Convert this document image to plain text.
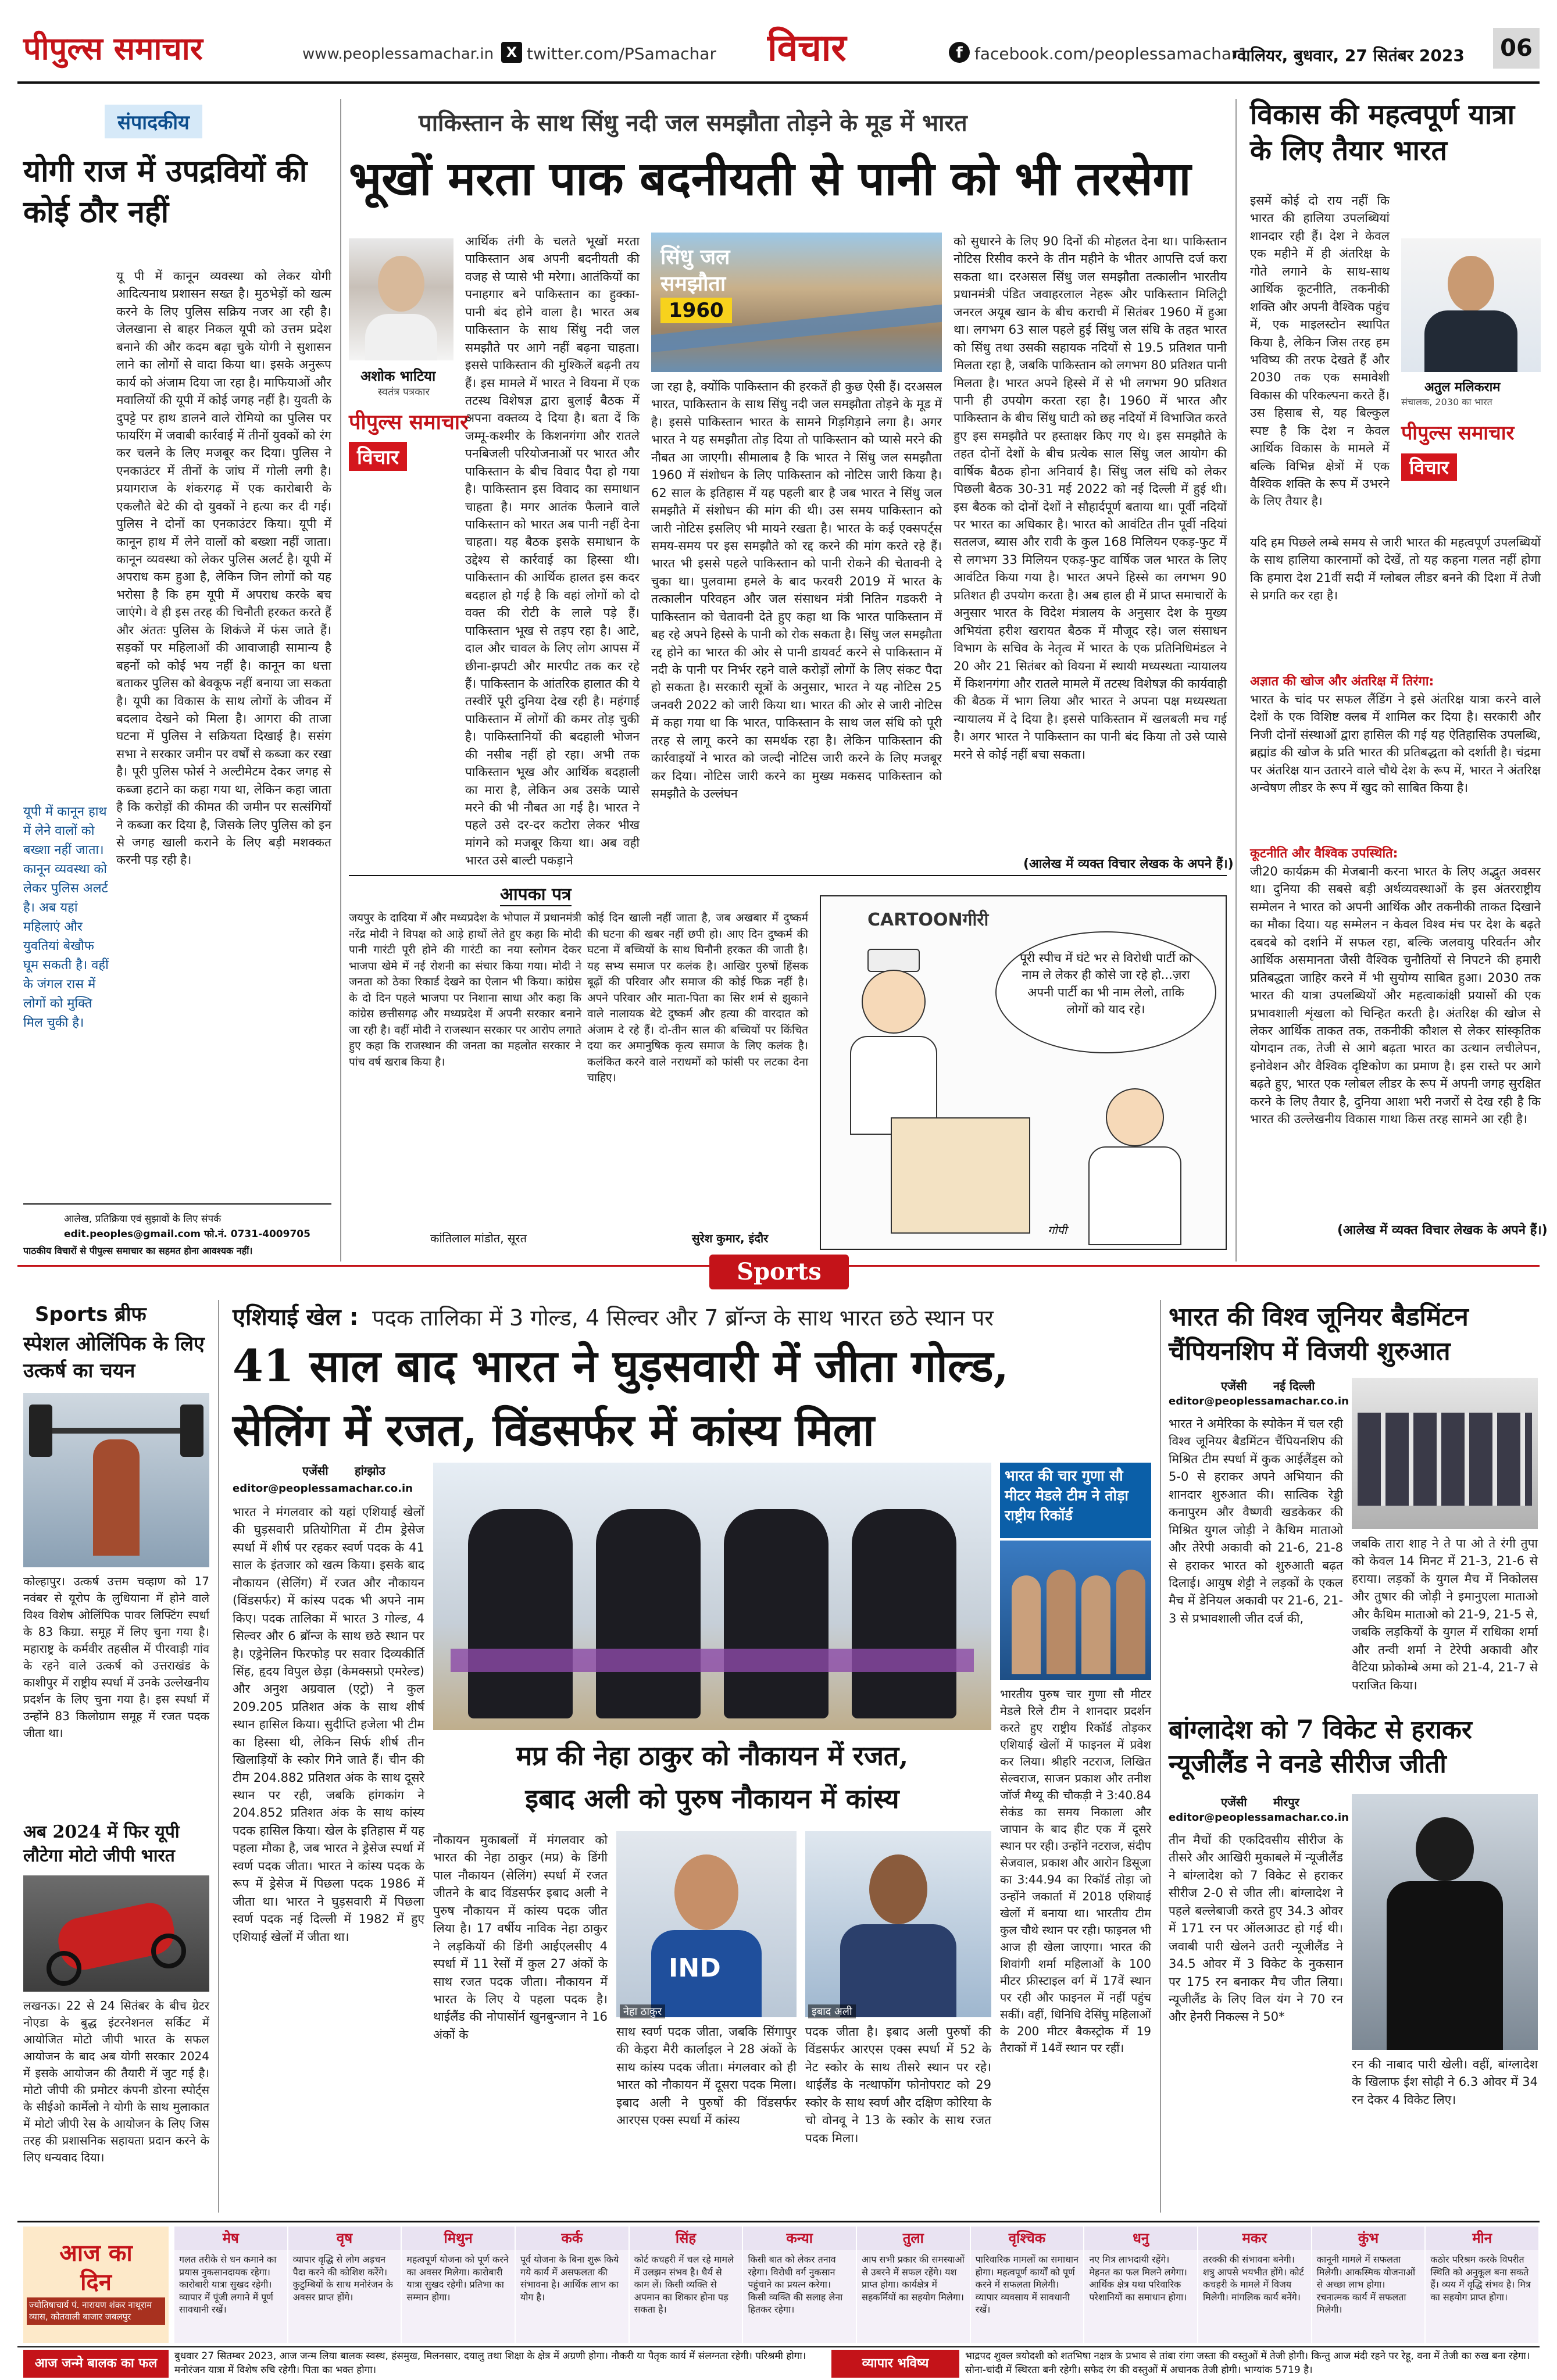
पीपुल्स समाचार	www.peoplessamachar.in X twitter.com/PSamachar विचार	f facebook.com/peoplessamachar1
ग्वालियर, बुधवार, 27 सितंबर 2023	06
संपादकीय
योगी राज में उपद्रवियों की कोई ठौर नहीं
यू पी में कानून व्यवस्था को लेकर योगी आदित्यनाथ प्रशासन सख्त है। मुठभेड़ों को खत्म करने के लिए पुलिस सक्रिय नजर आ रही है। जेलखाना से बाहर निकल यूपी को उत्तम प्रदेश बनाने की और कदम बढ़ा चुके योगी ने सुशासन लाने का लोगों से वादा किया था। इसके अनुरूप कार्य को अंजाम दिया जा रहा है। माफियाओं और मवालियों की यूपी में कोई जगह नहीं है। युवती के दुपट्टे पर हाथ डालने वाले रोमियो का पुलिस पर फायरिंग में जवाबी कार्रवाई में तीनों युवकों को रंग कर चलने के लिए मजबूर कर दिया। पुलिस ने एनकाउंटर में तीनों के जांघ में गोली लगी है। प्रयागराज के शंकरगढ़ में एक कारोबारी के एकलौते बेटे की दो युवकों ने हत्या कर दी गई। पुलिस ने दोनों का एनकाउंटर किया। यूपी में कानून हाथ में लेने वालों को बख्शा नहीं जाता। कानून व्यवस्था को लेकर पुलिस अलर्ट है। यूपी में अपराध कम हुआ है, लेकिन जिन लोगों को यह भरोसा है कि हम यूपी में अपराध करके बच जाएंगे। वे ही इस तरह की चिनौती हरकत करते हैं और अंततः पुलिस के शिकंजे में फंस जाते हैं। सड़कों पर महिलाओं की आवाजाही सामान्य है बहनों को कोई भय नहीं है। कानून का धत्ता बताकर पुलिस को बेवकूफ नहीं बनाया जा सकता है। यूपी का विकास के साथ लोगों के जीवन में बदलाव देखने को मिला है। आगरा की ताजा घटना में पुलिस ने सक्रियता दिखाई है। ससंग सभा ने सरकार जमीन पर वर्षों से कब्जा कर रखा है। पूरी पुलिस फोर्स ने अल्टीमेटम देकर जगह से कब्जा हटाने का कहा गया था, लेकिन कहा जाता है कि करोड़ों की कीमत की जमीन पर सत्संगियों ने कब्जा कर दिया है, जिसके लिए पुलिस को इन से जगह खाली कराने के लिए बड़ी मशक्कत करनी पड़ रही है।
यूपी में कानून हाथ में लेने वालों को बख्शा नहीं जाता। कानून व्यवस्था को लेकर पुलिस अलर्ट है। अब यहां महिलाएं और युवतियां बेखौफ घूम सकती है। वहीं के जंगल रास में लोगों को मुक्ति मिल चुकी है।
आलेख, प्रतिक्रिया एवं सुझावों के लिए संपर्क
edit.peoples@gmail.com फो.नं. 0731-4009705
पाठकीय विचारों से पीपुल्स समाचार का सहमत होना आवश्यक नहीं।
पाकिस्तान के साथ सिंधु नदी जल समझौता तोड़ने के मूड में भारत
भूखों मरता पाक बदनीयती से पानी को भी तरसेगा
अशोक भाटिया
स्वतंत्र पत्रकार
पीपुल्स समाचार
विचार
आर्थिक तंगी के चलते भूखों मरता पाकिस्तान अब अपनी बदनीयती की वजह से प्यासे भी मरेगा। आतंकियों का पनाहगार बने पाकिस्तान का हुक्का-पानी बंद होने वाला है। भारत अब पाकिस्तान के साथ सिंधु नदी जल समझौते पर आगे नहीं बढ़ना चाहता। इससे पाकिस्तान की मुश्किलें बढ़नी तय हैं। इस मामले में भारत ने वियना में एक तटस्थ विशेषज्ञ द्वारा बुलाई बैठक में अपना वक्तव्य दे दिया है। बता दें कि जम्मू-कश्मीर के किशनगंगा और रातले पनबिजली परियोजनाओं पर भारत और पाकिस्तान के बीच विवाद पैदा हो गया है। पाकिस्तान इस विवाद का समाधान चाहता है। मगर आतंक फैलाने वाले पाकिस्तान को भारत अब पानी नहीं देना चाहता। यह बैठक इसके समाधान के उद्देश्य से कार्रवाई का हिस्सा थी। पाकिस्तान की आर्थिक हालत इस कदर बदहाल हो गई है कि वहां लोगों को दो वक्त की रोटी के लाले पड़े हैं। पाकिस्तान भूख से तड़प रहा है। आटे, दाल और चावल के लिए लोग आपस में छीना-झपटी और मारपीट तक कर रहे हैं। पाकिस्तान के आंतरिक हालात की ये तस्वीरें पूरी दुनिया देख रही है। महंगाई पाकिस्तान में लोगों की कमर तोड़ चुकी है। पाकिस्तानियों की बदहाली भोजन की नसीब नहीं हो रहा। अभी तक पाकिस्तान भूख और आर्थिक बदहाली का मारा है, लेकिन अब उसके प्यासे मरने की भी नौबत आ गई है। भारत ने पहले उसे दर-दर कटोरा लेकर भीख मांगने को मजबूर किया था। अब वही भारत उसे बाल्टी पकड़ाने
सिंधु जल
समझौता
1960
जा रहा है, क्योंकि पाकिस्तान की हरकतें ही कुछ ऐसी हैं। दरअसल भारत, पाकिस्तान के साथ सिंधु नदी जल समझौता तोड़ने के मूड में है। इससे पाकिस्तान भारत के सामने गिड़गिड़ाने लगा है। अगर भारत ने यह समझौता तोड़ दिया तो पाकिस्तान को प्यासे मरने की नौबत आ जाएगी। सीमालाब है कि भारत ने सिंधु जल समझौता 1960 में संशोधन के लिए पाकिस्तान को नोटिस जारी किया है। 62 साल के इतिहास में यह पहली बार है जब भारत ने सिंधु जल समझौते में संशोधन की मांग की थी। उस समय पाकिस्तान को जारी नोटिस इसलिए भी मायने रखता है। भारत के कई एक्सपर्ट्स समय-समय पर इस समझौते को रद्द करने की मांग करते रहे हैं। भारत भी इससे पहले पाकिस्तान को पानी रोकने की चेतावनी दे चुका था। पुलवामा हमले के बाद फरवरी 2019 में भारत के तत्कालीन परिवहन और जल संसाधन मंत्री नितिन गडकरी ने पाकिस्तान को चेतावनी देते हुए कहा था कि भारत पाकिस्तान में बह रहे अपने हिस्से के पानी को रोक सकता है। सिंधु जल समझौता रद्द होने का भारत की ओर से पानी डायवर्ट करने से पाकिस्तान में नदी के पानी पर निर्भर रहने वाले करोड़ों लोगों के लिए संकट पैदा हो सकता है। सरकारी सूत्रों के अनुसार, भारत ने यह नोटिस 25 जनवरी 2022 को जारी किया था। भारत की ओर से जारी नोटिस में कहा गया था कि भारत, पाकिस्तान के साथ जल संधि को पूरी तरह से लागू करने का समर्थक रहा है। लेकिन पाकिस्तान की कार्रवाइयों ने भारत को जल्दी नोटिस जारी करने के लिए मजबूर कर दिया। नोटिस जारी करने का मुख्य मकसद पाकिस्तान को समझौते के उल्लंघन
को सुधारने के लिए 90 दिनों की मोहलत देना था। पाकिस्तान नोटिस रिसीव करने के तीन महीने के भीतर आपत्ति दर्ज करा सकता था। दरअसल सिंधु जल समझौता तत्कालीन भारतीय प्रधानमंत्री पंडित जवाहरलाल नेहरू और पाकिस्तान मिलिट्री जनरल अयूब खान के बीच कराची में सितंबर 1960 में हुआ था। लगभग 63 साल पहले हुई सिंधु जल संधि के तहत भारत को सिंधु तथा उसकी सहायक नदियों से 19.5 प्रतिशत पानी मिलता रहा है, जबकि पाकिस्तान को लगभग 80 प्रतिशत पानी मिलता है। भारत अपने हिस्से में से भी लगभग 90 प्रतिशत पानी ही उपयोग करता रहा है। 1960 में भारत और पाकिस्तान के बीच सिंधु घाटी को छह नदियों में विभाजित करते हुए इस समझौते पर हस्ताक्षर किए गए थे। इस समझौते के तहत दोनों देशों के बीच प्रत्येक साल सिंधु जल आयोग की वार्षिक बैठक होना अनिवार्य है। सिंधु जल संधि को लेकर पिछली बैठक 30-31 मई 2022 को नई दिल्ली में हुई थी। इस बैठक को दोनों देशों ने सौहार्दपूर्ण बताया था। पूर्वी नदियों पर भारत का अधिकार है। भारत को आवंटित तीन पूर्वी नदियां सतलज, ब्यास और रावी के कुल 168 मिलियन एकड़-फुट में से लगभग 33 मिलियन एकड़-फुट वार्षिक जल भारत के लिए आवंटित किया गया है। भारत अपने हिस्से का लगभग 90 प्रतिशत ही उपयोग करता है। अब हाल ही में प्राप्त समाचारों के अनुसार भारत के विदेश मंत्रालय के अनुसार देश के मुख्य अभियंता हरीश खरायत बैठक में मौजूद रहे। जल संसाधन विभाग के सचिव के नेतृत्व में भारत के एक प्रतिनिधिमंडल ने 20 और 21 सितंबर को वियना में स्थायी मध्यस्थता न्यायालय में किशनगंगा और रातले मामले में तटस्थ विशेषज्ञ की कार्यवाही की बैठक में भाग लिया और भारत ने अपना पक्ष मध्यस्थता न्यायालय में दे दिया है। इससे पाकिस्तान में खलबली मच गई है। अगर भारत ने पाकिस्तान का पानी बंद किया तो उसे प्यासे मरने से कोई नहीं बचा सकता।
(आलेख में व्यक्त विचार लेखक के अपने हैं।)
आपका पत्र
जयपुर के दादिया में और मध्यप्रदेश के भोपाल में प्रधानमंत्री नरेंद्र मोदी ने विपक्ष को आड़े हाथों लेते हुए कहा कि मोदी पानी गारंटी पूरी होने की गारंटी का नया स्लोगन देकर भाजपा खेमे में नई रोशनी का संचार किया गया। मोदी ने जनता को ठेका रिकार्ड देखने का ऐलान भी किया। कांग्रेस के दो दिन पहले भाजपा पर निशाना साधा और कहा कि कांग्रेस छत्तीसगढ़ और मध्यप्रदेश में अपनी सरकार बनाने जा रही है। वहीं मोदी ने राजस्थान सरकार पर आरोप लगाते हुए कहा कि राजस्थान की जनता का महलोत सरकार ने पांच वर्ष खराब किया है।
कांतिलाल मांडोत, सूरत
कोई दिन खाली नहीं जाता है, जब अखबार में दुष्कर्म की घटना की खबर नहीं छपी हो। आए दिन दुष्कर्म की घटना में बच्चियों के साथ घिनौनी हरकत की जाती है। यह सभ्य समाज पर कलंक है। आखिर पुरुषों हिंसक बूढ़ों की परिवार और समाज की कोई फिक्र नहीं है। अपने परिवार और माता-पिता का सिर शर्म से झुकाने वाले नालायक बेटे दुष्कर्म और हत्या की वारदात को अंजाम दे रहे हैं। दो-तीन साल की बच्चियों पर किंचित दया कर अमानुषिक कृत्य समाज के लिए कलंक है। कलंकित करने वाले नराधमों को फांसी पर लटका देना चाहिए।
सुरेश कुमार, इंदौर
CARTOONगीरी
पूरी स्पीच में घंटे भर से विरोधी पार्टी का नाम ले लेकर ही कोसे जा रहे हो...ज़रा अपनी पार्टी का भी नाम लेलो, ताकि लोगों को याद रहे।
गोपी
विकास की महत्वपूर्ण यात्रा के लिए तैयार भारत
इसमें कोई दो राय नहीं कि भारत की हालिया उपलब्धियां शानदार रही हैं। देश ने केवल एक महीने में ही अंतरिक्ष के गोते लगाने के साथ-साथ आर्थिक कूटनीति, तकनीकी शक्ति और अपनी वैश्विक पहुंच में, एक माइलस्टोन स्थापित किया है, लेकिन जिस तरह हम भविष्य की तरफ देखते हैं और 2030 तक एक समावेशी विकास की परिकल्पना करते हैं। उस हिसाब से, यह बिल्कुल स्पष्ट है कि देश न केवल आर्थिक विकास के मामले में बल्कि विभिन्न क्षेत्रों में एक वैश्विक शक्ति के रूप में उभरने के लिए तैयार है।
अतुल मलिकराम
संचालक, 2030 का भारत
पीपुल्स समाचार
विचार
यदि हम पिछले लम्बे समय से जारी भारत की महत्वपूर्ण उपलब्धियों के साथ हालिया कारनामों को देखें, तो यह कहना गलत नहीं होगा कि हमारा देश 21वीं सदी में ग्लोबल लीडर बनने की दिशा में तेजी से प्रगति कर रहा है।
अज्ञात की खोज और अंतरिक्ष में तिरंगा:
भारत के चांद पर सफल लैंडिंग ने इसे अंतरिक्ष यात्रा करने वाले देशों के एक विशिष्ट क्लब में शामिल कर दिया है। सरकारी और निजी दोनों संस्थाओं द्वारा हासिल की गई यह ऐतिहासिक उपलब्धि, ब्रह्मांड की खोज के प्रति भारत की प्रतिबद्धता को दर्शाती है। चंद्रमा पर अंतरिक्ष यान उतारने वाले चौथे देश के रूप में, भारत ने अंतरिक्ष अन्वेषण लीडर के रूप में खुद को साबित किया है।
कूटनीति और वैश्विक उपस्थिति:
जी20 कार्यक्रम की मेजबानी करना भारत के लिए अद्भुत अवसर था। दुनिया की सबसे बड़ी अर्थव्यवस्थाओं के इस अंतरराष्ट्रीय सम्मेलन ने भारत को अपनी आर्थिक और तकनीकी ताकत दिखाने का मौका दिया। यह सम्मेलन न केवल विश्व मंच पर देश के बढ़ते दबदबे को दर्शाने में सफल रहा, बल्कि जलवायु परिवर्तन और आर्थिक असमानता जैसी वैश्विक चुनौतियों से निपटने की हमारी प्रतिबद्धता जाहिर करने में भी सुयोग्य साबित हुआ। 2030 तक भारत की यात्रा उपलब्धियों और महत्वाकांक्षी प्रयासों की एक प्रभावशाली शृंखला को चिन्हित करती है। अंतरिक्ष की खोज से लेकर आर्थिक ताकत तक, तकनीकी कौशल से लेकर सांस्कृतिक योगदान तक, तेजी से आगे बढ़ता भारत का उत्थान लचीलेपन, इनोवेशन और वैश्विक दृष्टिकोण का प्रमाण है। इस रास्ते पर आगे बढ़ते हुए, भारत एक ग्लोबल लीडर के रूप में अपनी जगह सुरक्षित करने के लिए तैयार है, दुनिया आशा भरी नजरों से देख रही है कि भारत की उल्लेखनीय विकास गाथा किस तरह सामने आ रही है।
(आलेख में व्यक्त विचार लेखक के अपने हैं।)
Sports
Sports ब्रीफ
स्पेशल ओलिंपिक के लिए उत्कर्ष का चयन
कोल्हापुर। उत्कर्ष उत्तम चव्हाण को 17 नवंबर से यूरोप के लुधियाना में होने वाले विश्व विशेष ओलिंपिक पावर लिफ्टिंग स्पर्धा के 83 किग्रा. समूह में लिए चुना गया है। महाराष्ट्र के कर्मवीर तहसील में पीरवाड़ी गांव के रहने वाले उत्कर्ष को उत्तराखंड के काशीपुर में राष्ट्रीय स्पर्धा में उनके उल्लेखनीय प्रदर्शन के लिए चुना गया है। इस स्पर्धा में उन्होंने 83 किलोग्राम समूह में रजत पदक जीता था।
अब 2024 में फिर यूपी लौटेगा मोटो जीपी भारत
लखनऊ। 22 से 24 सितंबर के बीच ग्रेटर नोएडा के बुद्ध इंटरनेशनल सर्किट में आयोजित मोटो जीपी भारत के सफल आयोजन के बाद अब योगी सरकार 2024 में इसके आयोजन की तैयारी में जुट गई है। मोटो जीपी की प्रमोटर कंपनी डोरना स्पोर्ट्स के सीईओ कार्मेलो ने योगी के साथ मुलाकात में मोटो जीपी रेस के आयोजन के लिए जिस तरह की प्रशासनिक सहायता प्रदान करने के लिए धन्यवाद दिया।
एशियाई खेल : पदक तालिका में 3 गोल्ड, 4 सिल्वर और 7 ब्रॉन्ज के साथ भारत छठे स्थान पर
41 साल बाद भारत ने घुड़सवारी में जीता गोल्ड,
सेलिंग में रजत, विंडसर्फर में कांस्य मिला
एजेंसी हांग्झोउ
editor@peoplessamachar.co.in
भारत ने मंगलवार को यहां एशियाई खेलों की घुड़सवारी प्रतियोगिता में टीम ड्रेसेज स्पर्धा में शीर्ष पर रहकर स्वर्ण पदक के 41 साल के इंतजार को खत्म किया। इसके बाद नौकायन (सेलिंग) में रजत और नौकायन (विंडसर्फर) में कांस्य पदक भी अपने नाम किए। पदक तालिका में भारत 3 गोल्ड, 4 सिल्वर और 6 ब्रॉन्ज के साथ छठे स्थान पर है। एड्रेनेलिन फिरफोड़ पर सवार दिव्यकीर्ति सिंह, हृदय विपुल छेड़ा (केमक्सप्रो एमरेल्ड) और अनुश अग्रवाल (एट्रो) ने कुल 209.205 प्रतिशत अंक के साथ शीर्ष स्थान हासिल किया। सुदीप्ति हजेला भी टीम का हिस्सा थी, लेकिन सिर्फ शीर्ष तीन खिलाड़ियों के स्कोर गिने जाते हैं। चीन की टीम 204.882 प्रतिशत अंक के साथ दूसरे स्थान पर रही, जबकि हांगकांग ने 204.852 प्रतिशत अंक के साथ कांस्य पदक हासिल किया। खेल के इतिहास में यह पहला मौका है, जब भारत ने ड्रेसेज स्पर्धा में स्वर्ण पदक जीता। भारत ने कांस्य पदक के रूप में ड्रेसेज में पिछला पदक 1986 में जीता था। भारत ने घुड़सवारी में पिछला स्वर्ण पदक नई दिल्ली में 1982 में हुए एशियाई खेलों में जीता था।
मप्र की नेहा ठाकुर को नौकायन में रजत,
इबाद अली को पुरुष नौकायन में कांस्य
नौकायन मुकाबलों में मंगलवार को भारत की नेहा ठाकुर (मप्र) के डिंगी पाल नौकायन (सेलिंग) स्पर्धा में रजत जीतने के बाद विंडसर्फर इबाद अली ने पुरुष नौकायन में कांस्य पदक जीत लिया है। 17 वर्षीय नाविक नेहा ठाकुर ने लड़कियों की डिंगी आईएलसीए 4 स्पर्धा में 11 रेसों में कुल 27 अंकों के साथ रजत पदक जीता। नौकायन में भारत के लिए ये पहला पदक है। थाईलैंड की नोपासोंर्न खुनबुन्जान ने 16 अंकों के
IND
नेहा ठाकुर	इबाद अली
साथ स्वर्ण पदक जीता, जबकि सिंगापुर की केइरा मैरी कार्लाइल ने 28 अंकों के साथ कांस्य पदक जीता। मंगलवार को ही भारत को नौकायन में दूसरा पदक मिला। इबाद अली ने पुरुषों की विंडसर्फर आरएस एक्स स्पर्धा में कांस्य
पदक जीता है। इबाद अली पुरुषों की विंडसर्फर आरएस एक्स स्पर्धा में 52 के नेट स्कोर के साथ तीसरे स्थान पर रहे। थाईलैंड के नत्थाफोंग फोनोपराट को 29 स्कोर के साथ स्वर्ण और दक्षिण कोरिया के चो वोनवू ने 13 के स्कोर के साथ रजत पदक मिला।
भारत की चार गुणा सौ मीटर मेडले टीम ने तोड़ा राष्ट्रीय रिकॉर्ड
भारतीय पुरुष चार गुणा सौ मीटर मेडले रिले टीम ने शानदार प्रदर्शन करते हुए राष्ट्रीय रिकॉर्ड तोड़कर एशियाई खेलों में फाइनल में प्रवेश कर लिया। श्रीहरि नटराज, लिखित सेल्वराज, साजन प्रकाश और तनीश जॉर्ज मैथ्यू की चौकड़ी ने 3:40.84 सेकंड का समय निकाला और जापान के बाद हीट एक में दूसरे स्थान पर रही। उन्होंने नटराज, संदीप सेजवाल, प्रकाश और आरोन डिसूजा का 3:44.94 का रिकॉर्ड तोड़ा जो उन्होंने जकार्ता में 2018 एशियाई खेलों में बनाया था। भारतीय टीम कुल चौथे स्थान पर रही। फाइनल भी आज ही खेला जाएगा। भारत की शिवांगी शर्मा महिलाओं के 100 मीटर फ्रीस्टाइल वर्ग में 17वें स्थान पर रही और फाइनल में नहीं पहुंच सकीं। वहीं, धिनिधि देसिंघु महिलाओं के 200 मीटर बैकस्ट्रोक में 19 तैराकों में 14वें स्थान पर रहीं।
भारत की विश्व जूनियर बैडमिंटन चैंपियनशिप में विजयी शुरुआत
एजेंसी नई दिल्ली
editor@peoplessamachar.co.in
भारत ने अमेरिका के स्पोकेन में चल रही विश्व जूनियर बैडमिंटन चैंपियनशिप की मिश्रित टीम स्पर्धा में कुक आईलैंड्स को 5-0 से हराकर अपने अभियान की शानदार शुरुआत की। सात्विक रेड्डी कनापुरम और वैष्णवी खडकेकर की मिश्रित युगल जोड़ी ने कैथिम माताओ और तेरेपी अकावी को 21-6, 21-8 से हराकर भारत को शुरुआती बढ़त दिलाई। आयुष शेट्टी ने लड़कों के एकल मैच में डेनियल अकावी पर 21-6, 21-3 से प्रभावशाली जीत दर्ज की,
जबकि तारा शाह ने ते पा ओ ते रंगी तुपा को केवल 14 मिनट में 21-3, 21-6 से हराया। लड़कों के युगल मैच में निकोलस और तुषार की जोड़ी ने इमानुएला माताओ और कैथिम माताओ को 21-9, 21-5 से, जबकि लड़कियों के युगल में राधिका शर्मा और तन्वी शर्मा ने टेरेपी अकावी और वैटिया फ्रोकोम्बे अमा को 21-4, 21-7 से पराजित किया।
बांग्लादेश को 7 विकेट से हराकर न्यूजीलैंड ने वनडे सीरीज जीती
एजेंसी मीरपुर
editor@peoplessamachar.co.in
तीन मैचों की एकदिवसीय सीरीज के तीसरे और आखिरी मुकाबले में न्यूजीलैंड ने बांग्लादेश को 7 विकेट से हराकर सीरीज 2-0 से जीत ली। बांग्लादेश ने पहले बल्लेबाजी करते हुए 34.3 ओवर में 171 रन पर ऑलआउट हो गई थी। जवाबी पारी खेलने उतरी न्यूजीलैंड ने 34.5 ओवर में 3 विकेट के नुकसान पर 175 रन बनाकर मैच जीत लिया। न्यूजीलैंड के लिए विल यंग ने 70 रन और हेनरी निकल्स ने 50*
रन की नाबाद पारी खेली। वहीं, बांग्लादेश के खिलाफ ईश सोढ़ी ने 6.3 ओवर में 34 रन देकर 4 विकेट लिए।
आज का
दिन
ज्योतिषाचार्य पं. नारायण शंकर नाथूराम व्यास, कोतवाली बाजार जबलपुर
मेष
गलत तरीके से धन कमाने का प्रयास नुकसानदायक रहेगा। कारोबारी यात्रा सुखद रहेगी। व्यापार में पूंजी लगाने में पूर्ण सावधानी रखें।
वृष
व्यापार वृद्धि से लोग अड़चन पैदा करने की कोशिश करेंगे। कुटुम्बियों के साथ मनोरंजन के अवसर प्राप्त होंगे।
मिथुन
महत्वपूर्ण योजना को पूर्ण करने का अवसर मिलेगा। कारोबारी यात्रा सुखद रहेगी। प्रतिभा का सम्मान होगा।
कर्क
पूर्व योजना के बिना शुरू किये गये कार्य में असफलता की संभावना है। आर्थिक लाभ का योग है।
सिंह
कोर्ट कचहरी में चल रहे मामले में उलझन संभव है। धैर्य से काम लें। किसी व्यक्ति से अपमान का शिकार होना पड़ सकता है।
कन्या
किसी बात को लेकर तनाव रहेगा। विरोधी वर्ग नुकसान पहुंचाने का प्रयत्न करेगा। किसी व्यक्ति की सलाह लेना हितकर रहेगा।
तुला
आप सभी प्रकार की समस्याओं से उबरने में सफल रहेंगे। यश प्राप्त होगा। कार्यक्षेत्र में सहकर्मियों का सहयोग मिलेगा।
वृश्चिक
पारिवारिक मामलों का समाधान होगा। महत्वपूर्ण कार्यों को पूर्ण करने में सफलता मिलेगी। व्यापार व्यवसाय में सावधानी रखें।
धनु
नए मित्र लाभदायी रहेंगे। मेहनत का फल मिलने लगेगा। आर्थिक क्षेत्र यथा परिवारिक परेशानियों का समाधान होगा।
मकर
तरक्की की संभावना बनेगी। शत्रु आपसे भयभीत होंगे। कोर्ट कचहरी के मामले में विजय मिलेगी। मांगलिक कार्य बनेंगे।
कुंभ
कानूनी मामले में सफलता मिलेगी। आकस्मिक योजनाओं से अच्छा लाभ होगा। रचनात्मक कार्य में सफलता मिलेगी।
मीन
कठोर परिश्रम करके विपरीत स्थिति को अनुकूल बना सकते हैं। व्यय में वृद्धि संभव है। मित्र का सहयोग प्राप्त होगा।
आज जन्मे बालक का फल	बुधवार 27 सितम्बर 2023, आज जन्म लिया बालक स्वस्थ, हंसमुख, मिलनसार, दयालु तथा शिक्षा के क्षेत्र में अग्रणी होगा। नौकरी या पैतृक कार्य में संलग्नता रहेगी। परिश्रमी होगा। मनोरंजन यात्रा में विशेष रुचि रहेगी। पिता का भक्त होगा।	व्यापार भविष्य	भाद्रपद शुक्ल त्रयोदशी को शतभिषा नक्षत्र के प्रभाव से तांबा रांगा जस्ता की वस्तुओं में तेजी होगी। किन्तु आज मंदी रहने पर रेहू, वना में तेजी का रुख बना रहेगा। सोना-चांदी में स्थिरता बनी रहेगी। सफेद रंग की वस्तुओं में अचानक तेजी होगी। भाग्यांक 5719 है।
